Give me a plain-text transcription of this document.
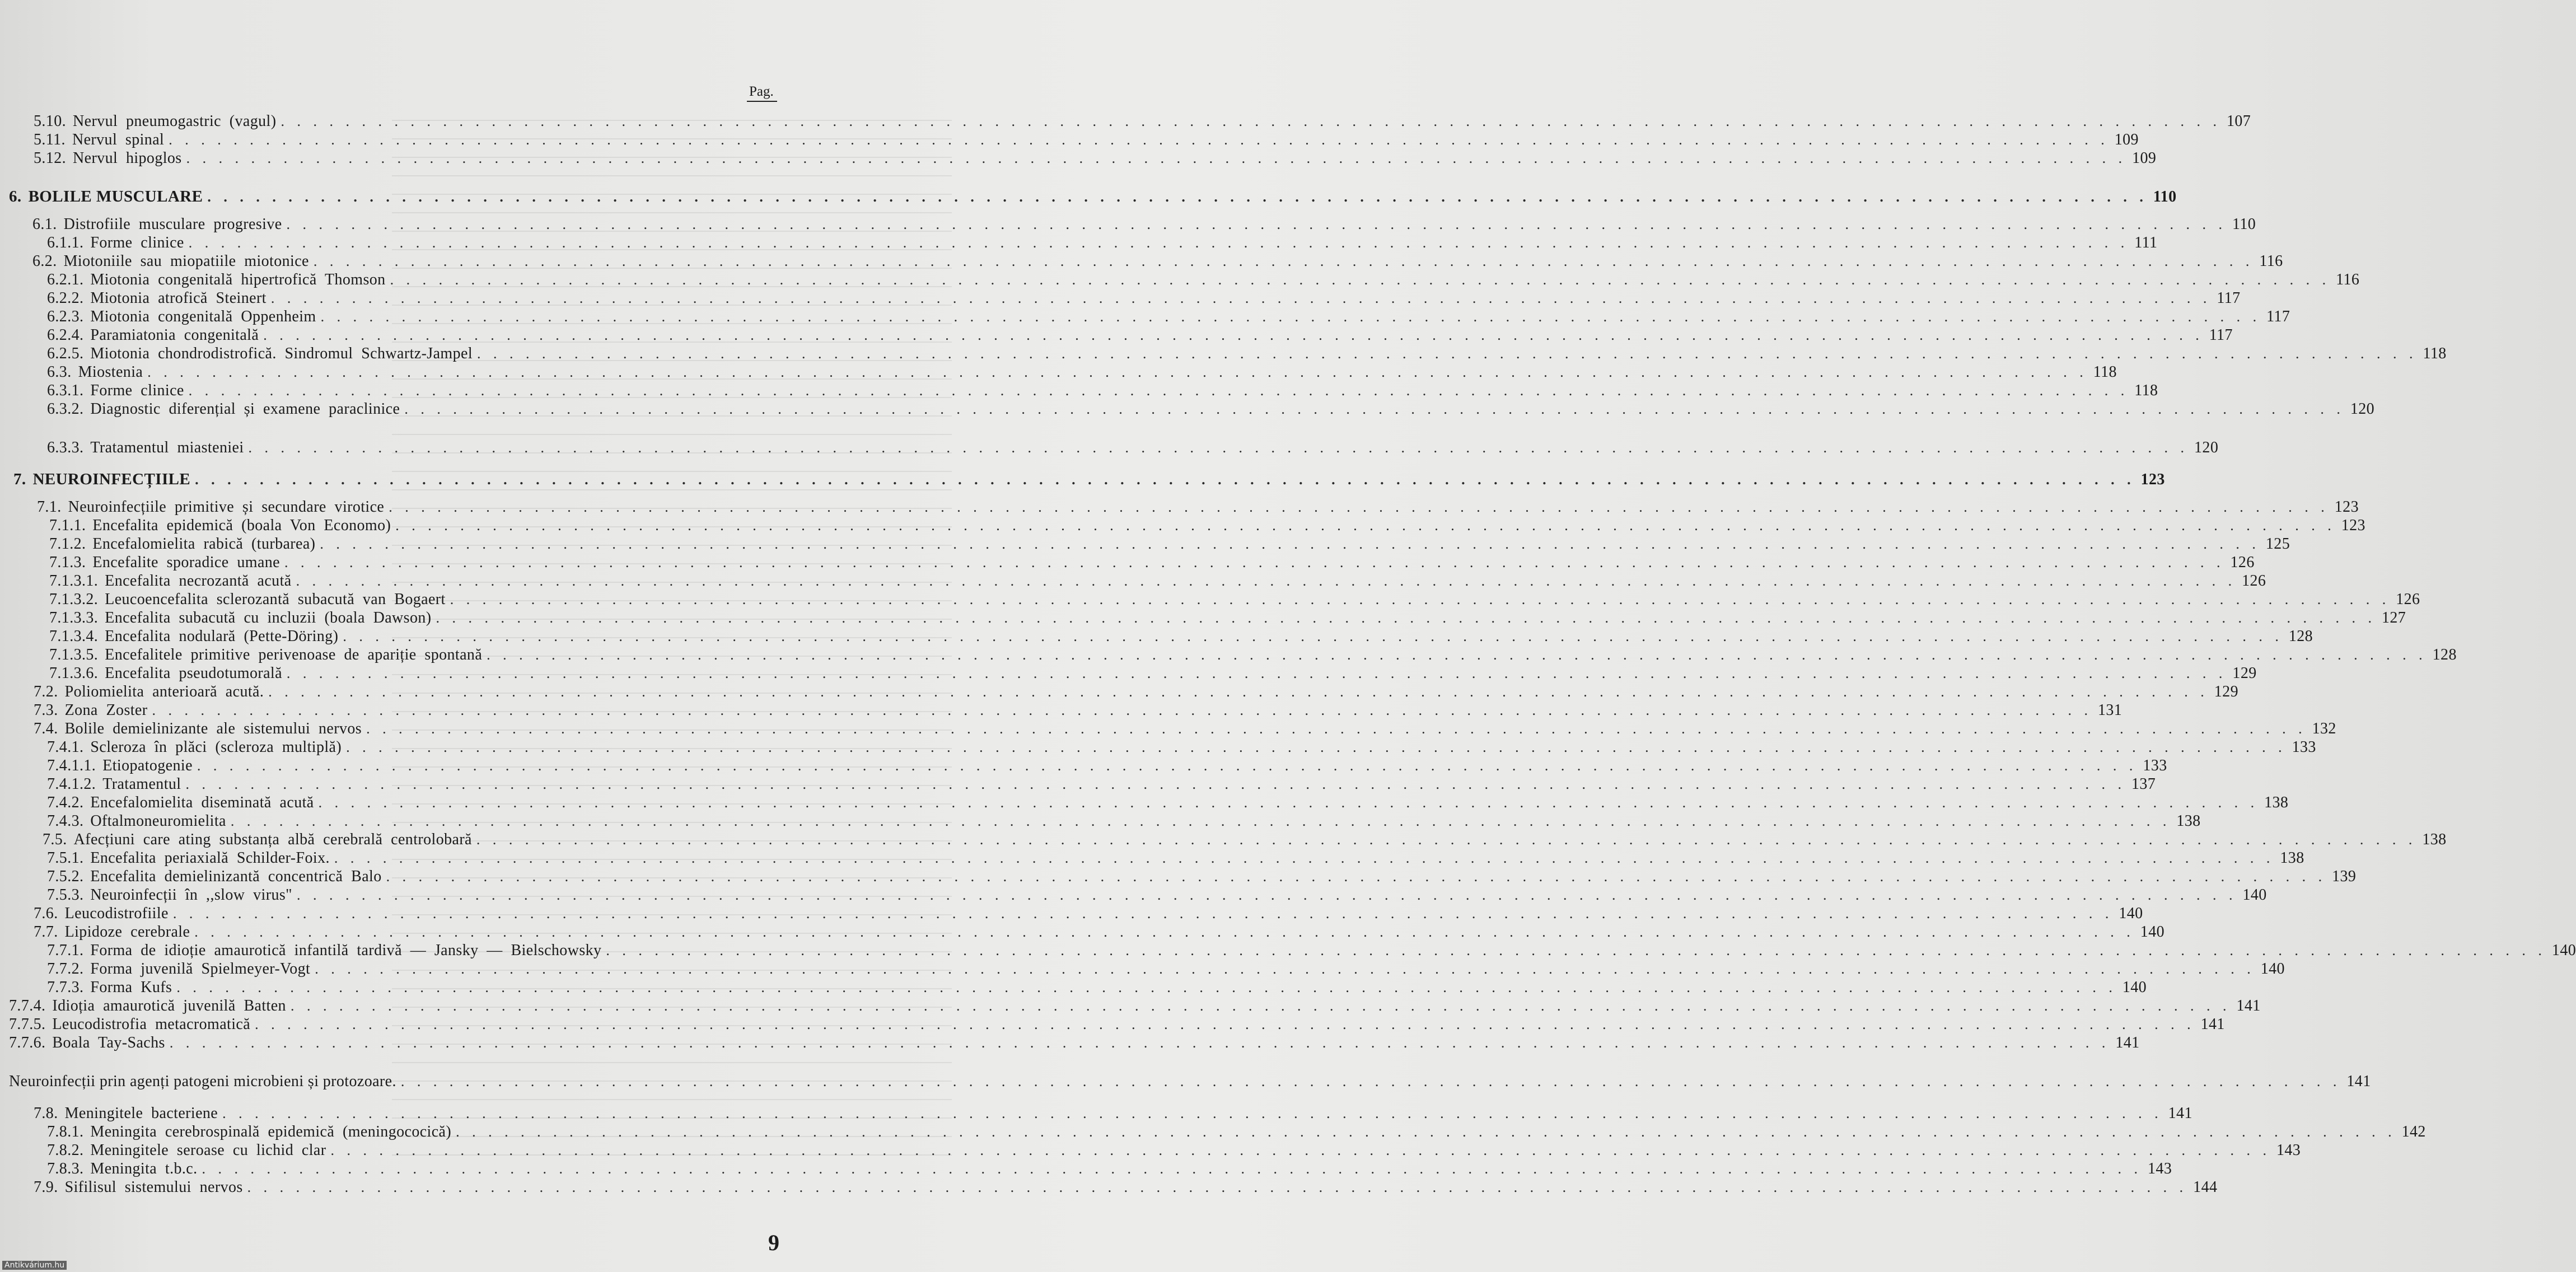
Pag.
5.10. Nervul  pneumogastric  (vagul) . . . . . . . . . . . . . . . . . . . . . . . . . . . . . . . . . . . . . . . . . . . . . . . . . . . . . . . . . . . . . . . . . . . . . . . . . . . . . . . . . . . . . . . . . . . . . . . . . . . . . . . . . . . . . . . . . . . . . . . . 107
5.11. Nervul  spinal . . . . . . . . . . . . . . . . . . . . . . . . . . . . . . . . . . . . . . . . . . . . . . . . . . . . . . . . . . . . . . . . . . . . . . . . . . . . . . . . . . . . . . . . . . . . . . . . . . . . . . . . . . . . . . . . . . . . . . . . 109
5.12. Nervul  hipoglos . . . . . . . . . . . . . . . . . . . . . . . . . . . . . . . . . . . . . . . . . . . . . . . . . . . . . . . . . . . . . . . . . . . . . . . . . . . . . . . . . . . . . . . . . . . . . . . . . . . . . . . . . . . . . . . . . . . . . . . . 109
6. BOLILE MUSCULARE . . . . . . . . . . . . . . . . . . . . . . . . . . . . . . . . . . . . . . . . . . . . . . . . . . . . . . . . . . . . . . . . . . . . . . . . . . . . . . . . . . . . . . . . . . . . . . . . . . . . . . . . . . . . . . . . . . . . . . . . 110
6.1. Distrofiile  musculare  progresive . . . . . . . . . . . . . . . . . . . . . . . . . . . . . . . . . . . . . . . . . . . . . . . . . . . . . . . . . . . . . . . . . . . . . . . . . . . . . . . . . . . . . . . . . . . . . . . . . . . . . . . . . . . . . . . . . . . . . . . . 110
6.1.1. Forme  clinice . . . . . . . . . . . . . . . . . . . . . . . . . . . . . . . . . . . . . . . . . . . . . . . . . . . . . . . . . . . . . . . . . . . . . . . . . . . . . . . . . . . . . . . . . . . . . . . . . . . . . . . . . . . . . . . . . . . . . . . . 111
6.2. Miotoniile  sau  miopatiile  miotonice . . . . . . . . . . . . . . . . . . . . . . . . . . . . . . . . . . . . . . . . . . . . . . . . . . . . . . . . . . . . . . . . . . . . . . . . . . . . . . . . . . . . . . . . . . . . . . . . . . . . . . . . . . . . . . . . . . . . . . . . 116
6.2.1. Miotonia  congenitală  hipertrofică  Thomson . . . . . . . . . . . . . . . . . . . . . . . . . . . . . . . . . . . . . . . . . . . . . . . . . . . . . . . . . . . . . . . . . . . . . . . . . . . . . . . . . . . . . . . . . . . . . . . . . . . . . . . . . . . . . . . . . . . . . . . . 116
6.2.2. Miotonia  atrofică  Steinert . . . . . . . . . . . . . . . . . . . . . . . . . . . . . . . . . . . . . . . . . . . . . . . . . . . . . . . . . . . . . . . . . . . . . . . . . . . . . . . . . . . . . . . . . . . . . . . . . . . . . . . . . . . . . . . . . . . . . . . . 117
6.2.3. Miotonia  congenitală  Oppenheim . . . . . . . . . . . . . . . . . . . . . . . . . . . . . . . . . . . . . . . . . . . . . . . . . . . . . . . . . . . . . . . . . . . . . . . . . . . . . . . . . . . . . . . . . . . . . . . . . . . . . . . . . . . . . . . . . . . . . . . . 117
6.2.4. Paramiatonia  congenitală . . . . . . . . . . . . . . . . . . . . . . . . . . . . . . . . . . . . . . . . . . . . . . . . . . . . . . . . . . . . . . . . . . . . . . . . . . . . . . . . . . . . . . . . . . . . . . . . . . . . . . . . . . . . . . . . . . . . . . . . 117
6.2.5. Miotonia  chondrodistrofică.  Sindromul  Schwartz-Jampel . . . . . . . . . . . . . . . . . . . . . . . . . . . . . . . . . . . . . . . . . . . . . . . . . . . . . . . . . . . . . . . . . . . . . . . . . . . . . . . . . . . . . . . . . . . . . . . . . . . . . . . . . . . . . . . . . . . . . . . . 118
6.3. Miostenia . . . . . . . . . . . . . . . . . . . . . . . . . . . . . . . . . . . . . . . . . . . . . . . . . . . . . . . . . . . . . . . . . . . . . . . . . . . . . . . . . . . . . . . . . . . . . . . . . . . . . . . . . . . . . . . . . . . . . . . . 118
6.3.1. Forme  clinice . . . . . . . . . . . . . . . . . . . . . . . . . . . . . . . . . . . . . . . . . . . . . . . . . . . . . . . . . . . . . . . . . . . . . . . . . . . . . . . . . . . . . . . . . . . . . . . . . . . . . . . . . . . . . . . . . . . . . . . . 118
6.3.2. Diagnostic  diferențial  și  examene  paraclinice . . . . . . . . . . . . . . . . . . . . . . . . . . . . . . . . . . . . . . . . . . . . . . . . . . . . . . . . . . . . . . . . . . . . . . . . . . . . . . . . . . . . . . . . . . . . . . . . . . . . . . . . . . . . . . . . . . . . . . . . 120
6.3.3. Tratamentul  miasteniei . . . . . . . . . . . . . . . . . . . . . . . . . . . . . . . . . . . . . . . . . . . . . . . . . . . . . . . . . . . . . . . . . . . . . . . . . . . . . . . . . . . . . . . . . . . . . . . . . . . . . . . . . . . . . . . . . . . . . . . . 120
7. NEUROINFECȚIILE . . . . . . . . . . . . . . . . . . . . . . . . . . . . . . . . . . . . . . . . . . . . . . . . . . . . . . . . . . . . . . . . . . . . . . . . . . . . . . . . . . . . . . . . . . . . . . . . . . . . . . . . . . . . . . . . . . . . . . . . 123
7.1. Neuroinfecțiile  primitive  și  secundare  virotice . . . . . . . . . . . . . . . . . . . . . . . . . . . . . . . . . . . . . . . . . . . . . . . . . . . . . . . . . . . . . . . . . . . . . . . . . . . . . . . . . . . . . . . . . . . . . . . . . . . . . . . . . . . . . . . . . . . . . . . . 123
7.1.1. Encefalita  epidemică  (boala  Von  Economo) . . . . . . . . . . . . . . . . . . . . . . . . . . . . . . . . . . . . . . . . . . . . . . . . . . . . . . . . . . . . . . . . . . . . . . . . . . . . . . . . . . . . . . . . . . . . . . . . . . . . . . . . . . . . . . . . . . . . . . . . 123
7.1.2. Encefalomielita  rabică  (turbarea) . . . . . . . . . . . . . . . . . . . . . . . . . . . . . . . . . . . . . . . . . . . . . . . . . . . . . . . . . . . . . . . . . . . . . . . . . . . . . . . . . . . . . . . . . . . . . . . . . . . . . . . . . . . . . . . . . . . . . . . . 125
7.1.3. Encefalite  sporadice  umane . . . . . . . . . . . . . . . . . . . . . . . . . . . . . . . . . . . . . . . . . . . . . . . . . . . . . . . . . . . . . . . . . . . . . . . . . . . . . . . . . . . . . . . . . . . . . . . . . . . . . . . . . . . . . . . . . . . . . . . . 126
7.1.3.1. Encefalita  necrozantă  acută . . . . . . . . . . . . . . . . . . . . . . . . . . . . . . . . . . . . . . . . . . . . . . . . . . . . . . . . . . . . . . . . . . . . . . . . . . . . . . . . . . . . . . . . . . . . . . . . . . . . . . . . . . . . . . . . . . . . . . . . 126
7.1.3.2. Leucoencefalita  sclerozantă  subacută  van  Bogaert . . . . . . . . . . . . . . . . . . . . . . . . . . . . . . . . . . . . . . . . . . . . . . . . . . . . . . . . . . . . . . . . . . . . . . . . . . . . . . . . . . . . . . . . . . . . . . . . . . . . . . . . . . . . . . . . . . . . . . . . 126
7.1.3.3. Encefalita  subacută  cu  incluzii  (boala  Dawson) . . . . . . . . . . . . . . . . . . . . . . . . . . . . . . . . . . . . . . . . . . . . . . . . . . . . . . . . . . . . . . . . . . . . . . . . . . . . . . . . . . . . . . . . . . . . . . . . . . . . . . . . . . . . . . . . . . . . . . . . 127
7.1.3.4. Encefalita  nodulară  (Pette-Döring) . . . . . . . . . . . . . . . . . . . . . . . . . . . . . . . . . . . . . . . . . . . . . . . . . . . . . . . . . . . . . . . . . . . . . . . . . . . . . . . . . . . . . . . . . . . . . . . . . . . . . . . . . . . . . . . . . . . . . . . . 128
7.1.3.5. Encefalitele  primitive  perivenoase  de  apariție  spontană . . . . . . . . . . . . . . . . . . . . . . . . . . . . . . . . . . . . . . . . . . . . . . . . . . . . . . . . . . . . . . . . . . . . . . . . . . . . . . . . . . . . . . . . . . . . . . . . . . . . . . . . . . . . . . . . . . . . . . . . 128
7.1.3.6. Encefalita  pseudotumorală . . . . . . . . . . . . . . . . . . . . . . . . . . . . . . . . . . . . . . . . . . . . . . . . . . . . . . . . . . . . . . . . . . . . . . . . . . . . . . . . . . . . . . . . . . . . . . . . . . . . . . . . . . . . . . . . . . . . . . . . 129
7.2. Poliomielita  anterioară  acută. . . . . . . . . . . . . . . . . . . . . . . . . . . . . . . . . . . . . . . . . . . . . . . . . . . . . . . . . . . . . . . . . . . . . . . . . . . . . . . . . . . . . . . . . . . . . . . . . . . . . . . . . . . . . . . . . . . . . . . . . 129
7.3. Zona  Zoster . . . . . . . . . . . . . . . . . . . . . . . . . . . . . . . . . . . . . . . . . . . . . . . . . . . . . . . . . . . . . . . . . . . . . . . . . . . . . . . . . . . . . . . . . . . . . . . . . . . . . . . . . . . . . . . . . . . . . . . . 131
7.4. Bolile  demielinizante  ale  sistemului  nervos . . . . . . . . . . . . . . . . . . . . . . . . . . . . . . . . . . . . . . . . . . . . . . . . . . . . . . . . . . . . . . . . . . . . . . . . . . . . . . . . . . . . . . . . . . . . . . . . . . . . . . . . . . . . . . . . . . . . . . . . 132
7.4.1. Scleroza  în  plăci  (scleroza  multiplă) . . . . . . . . . . . . . . . . . . . . . . . . . . . . . . . . . . . . . . . . . . . . . . . . . . . . . . . . . . . . . . . . . . . . . . . . . . . . . . . . . . . . . . . . . . . . . . . . . . . . . . . . . . . . . . . . . . . . . . . . 133
7.4.1.1. Etiopatogenie . . . . . . . . . . . . . . . . . . . . . . . . . . . . . . . . . . . . . . . . . . . . . . . . . . . . . . . . . . . . . . . . . . . . . . . . . . . . . . . . . . . . . . . . . . . . . . . . . . . . . . . . . . . . . . . . . . . . . . . . 133
7.4.1.2. Tratamentul . . . . . . . . . . . . . . . . . . . . . . . . . . . . . . . . . . . . . . . . . . . . . . . . . . . . . . . . . . . . . . . . . . . . . . . . . . . . . . . . . . . . . . . . . . . . . . . . . . . . . . . . . . . . . . . . . . . . . . . . 137
7.4.2. Encefalomielita  diseminată  acută . . . . . . . . . . . . . . . . . . . . . . . . . . . . . . . . . . . . . . . . . . . . . . . . . . . . . . . . . . . . . . . . . . . . . . . . . . . . . . . . . . . . . . . . . . . . . . . . . . . . . . . . . . . . . . . . . . . . . . . . 138
7.4.3. Oftalmoneuromielita . . . . . . . . . . . . . . . . . . . . . . . . . . . . . . . . . . . . . . . . . . . . . . . . . . . . . . . . . . . . . . . . . . . . . . . . . . . . . . . . . . . . . . . . . . . . . . . . . . . . . . . . . . . . . . . . . . . . . . . . 138
7.5. Afecțiuni  care  ating  substanța  albă  cerebrală  centrolobară . . . . . . . . . . . . . . . . . . . . . . . . . . . . . . . . . . . . . . . . . . . . . . . . . . . . . . . . . . . . . . . . . . . . . . . . . . . . . . . . . . . . . . . . . . . . . . . . . . . . . . . . . . . . . . . . . . . . . . . . 138
7.5.1. Encefalita  periaxială  Schilder-Foix. . . . . . . . . . . . . . . . . . . . . . . . . . . . . . . . . . . . . . . . . . . . . . . . . . . . . . . . . . . . . . . . . . . . . . . . . . . . . . . . . . . . . . . . . . . . . . . . . . . . . . . . . . . . . . . . . . . . . . . . . 138
7.5.2. Encefalita  demielinizantă  concentrică  Balo . . . . . . . . . . . . . . . . . . . . . . . . . . . . . . . . . . . . . . . . . . . . . . . . . . . . . . . . . . . . . . . . . . . . . . . . . . . . . . . . . . . . . . . . . . . . . . . . . . . . . . . . . . . . . . . . . . . . . . . . 139
7.5.3. Neuroinfecții  în  ,,slow  virus" . . . . . . . . . . . . . . . . . . . . . . . . . . . . . . . . . . . . . . . . . . . . . . . . . . . . . . . . . . . . . . . . . . . . . . . . . . . . . . . . . . . . . . . . . . . . . . . . . . . . . . . . . . . . . . . . . . . . . . . . 140
7.6. Leucodistrofiile . . . . . . . . . . . . . . . . . . . . . . . . . . . . . . . . . . . . . . . . . . . . . . . . . . . . . . . . . . . . . . . . . . . . . . . . . . . . . . . . . . . . . . . . . . . . . . . . . . . . . . . . . . . . . . . . . . . . . . . . 140
7.7. Lipidoze  cerebrale . . . . . . . . . . . . . . . . . . . . . . . . . . . . . . . . . . . . . . . . . . . . . . . . . . . . . . . . . . . . . . . . . . . . . . . . . . . . . . . . . . . . . . . . . . . . . . . . . . . . . . . . . . . . . . . . . . . . . . . . 140
7.7.1. Forma  de  idioție  amaurotică  infantilă  tardivă  —  Jansky  —  Bielschowsky . . . . . . . . . . . . . . . . . . . . . . . . . . . . . . . . . . . . . . . . . . . . . . . . . . . . . . . . . . . . . . . . . . . . . . . . . . . . . . . . . . . . . . . . . . . . . . . . . . . . . . . . . . . . . . . . . . . . . . . . 140
7.7.2. Forma  juvenilă  Spielmeyer-Vogt . . . . . . . . . . . . . . . . . . . . . . . . . . . . . . . . . . . . . . . . . . . . . . . . . . . . . . . . . . . . . . . . . . . . . . . . . . . . . . . . . . . . . . . . . . . . . . . . . . . . . . . . . . . . . . . . . . . . . . . . 140
7.7.3. Forma  Kufs . . . . . . . . . . . . . . . . . . . . . . . . . . . . . . . . . . . . . . . . . . . . . . . . . . . . . . . . . . . . . . . . . . . . . . . . . . . . . . . . . . . . . . . . . . . . . . . . . . . . . . . . . . . . . . . . . . . . . . . . 140
7.7.4. Idioția  amaurotică  juvenilă  Batten . . . . . . . . . . . . . . . . . . . . . . . . . . . . . . . . . . . . . . . . . . . . . . . . . . . . . . . . . . . . . . . . . . . . . . . . . . . . . . . . . . . . . . . . . . . . . . . . . . . . . . . . . . . . . . . . . . . . . . . . 141
7.7.5. Leucodistrofia  metacromatică . . . . . . . . . . . . . . . . . . . . . . . . . . . . . . . . . . . . . . . . . . . . . . . . . . . . . . . . . . . . . . . . . . . . . . . . . . . . . . . . . . . . . . . . . . . . . . . . . . . . . . . . . . . . . . . . . . . . . . . . 141
7.7.6. Boala  Tay-Sachs . . . . . . . . . . . . . . . . . . . . . . . . . . . . . . . . . . . . . . . . . . . . . . . . . . . . . . . . . . . . . . . . . . . . . . . . . . . . . . . . . . . . . . . . . . . . . . . . . . . . . . . . . . . . . . . . . . . . . . . . 141
Neuroinfecții prin agenți patogeni microbieni și protozoare. . . . . . . . . . . . . . . . . . . . . . . . . . . . . . . . . . . . . . . . . . . . . . . . . . . . . . . . . . . . . . . . . . . . . . . . . . . . . . . . . . . . . . . . . . . . . . . . . . . . . . . . . . . . . . . . . . . . . . . . . 141
7.8. Meningitele  bacteriene . . . . . . . . . . . . . . . . . . . . . . . . . . . . . . . . . . . . . . . . . . . . . . . . . . . . . . . . . . . . . . . . . . . . . . . . . . . . . . . . . . . . . . . . . . . . . . . . . . . . . . . . . . . . . . . . . . . . . . . . 141
7.8.1. Meningita  cerebrospinală  epidemică  (meningococică) . . . . . . . . . . . . . . . . . . . . . . . . . . . . . . . . . . . . . . . . . . . . . . . . . . . . . . . . . . . . . . . . . . . . . . . . . . . . . . . . . . . . . . . . . . . . . . . . . . . . . . . . . . . . . . . . . . . . . . . . 142
7.8.2. Meningitele  seroase  cu  lichid  clar . . . . . . . . . . . . . . . . . . . . . . . . . . . . . . . . . . . . . . . . . . . . . . . . . . . . . . . . . . . . . . . . . . . . . . . . . . . . . . . . . . . . . . . . . . . . . . . . . . . . . . . . . . . . . . . . . . . . . . . . 143
7.8.3. Meningita  t.b.c. . . . . . . . . . . . . . . . . . . . . . . . . . . . . . . . . . . . . . . . . . . . . . . . . . . . . . . . . . . . . . . . . . . . . . . . . . . . . . . . . . . . . . . . . . . . . . . . . . . . . . . . . . . . . . . . . . . . . . . . . 143
7.9. Sifilisul  sistemului  nervos . . . . . . . . . . . . . . . . . . . . . . . . . . . . . . . . . . . . . . . . . . . . . . . . . . . . . . . . . . . . . . . . . . . . . . . . . . . . . . . . . . . . . . . . . . . . . . . . . . . . . . . . . . . . . . . . . . . . . . . . 144
9
Antikvárium.hu
